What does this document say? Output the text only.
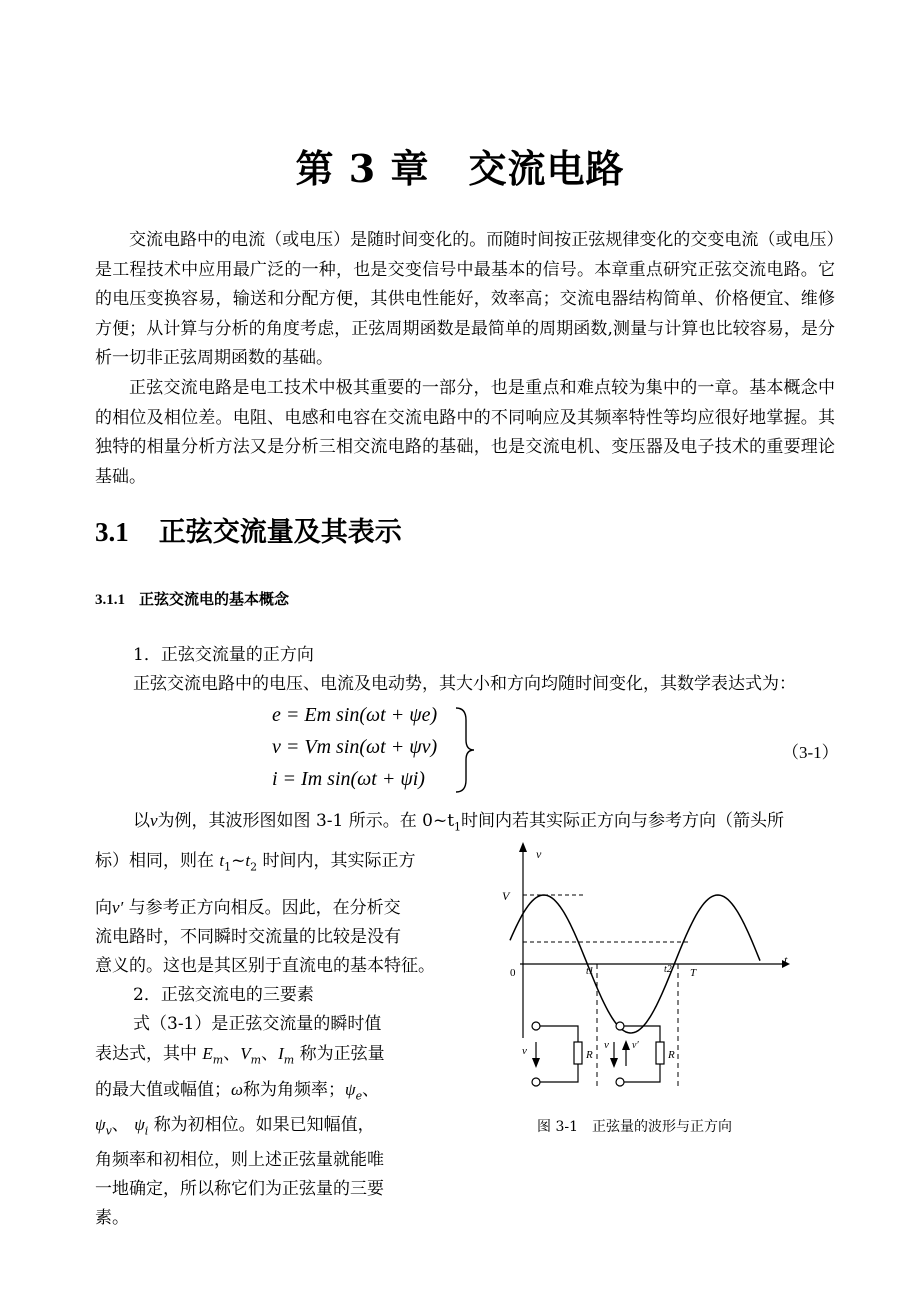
第 3 章　交流电路

交流电路中的电流（或电压）是随时间变化的。而随时间按正弦规律变化的交变电流（或电压）是工程技术中应用最广泛的一种，也是交变信号中最基本的信号。本章重点研究正弦交流电路。它的电压变换容易，输送和分配方便，其供电性能好，效率高；交流电器结构简单、价格便宜、维修方便；从计算与分析的角度考虑，正弦周期函数是最简单的周期函数,测量与计算也比较容易，是分析一切非正弦周期函数的基础。

正弦交流电路是电工技术中极其重要的一部分，也是重点和难点较为集中的一章。基本概念中的相位及相位差。电阻、电感和电容在交流电路中的不同响应及其频率特性等均应很好地掌握。其独特的相量分析方法又是分析三相交流电路的基础，也是交流电机、变压器及电子技术的重要理论基础。

3.1 正弦交流量及其表示
3.1.1 正弦交流电的基本概念
1．正弦交流量的正方向
正弦交流电路中的电压、电流及电动势，其大小和方向均随时间变化，其数学表达式为：
e = Em sin(ωt + ψe)
v = Vm sin(ωt + ψv)
i = Im sin(ωt + ψi)
（3-1）
以v为例，其波形图如图 3-1 所示。在 $0\sim t_1$时间内若其实际正方向与参考方向（箭头所
标）相同，则在 $t_1\sim t_2$ 时间内，其实际正方
向v′ 与参考正方向相反。因此，在分析交
流电路时，不同瞬时交流量的比较是没有
意义的。这也是其区别于直流电的基本特征。
2．正弦交流电的三要素
式（3-1）是正弦交流量的瞬时值
表达式，其中 $E_m$、$V_m$、$I_m$ 称为正弦量
的最大值或幅值；ω称为角频率；$\psi_e$、
$\psi_v$、 $\psi_i$ 称为初相位。如果已知幅值，
角频率和初相位，则上述正弦量就能唯
一地确定，所以称它们为正弦量的三要
素。
v
t
V
0	t1	t2 T
R
v	R
v v′
图 3-1　正弦量的波形与正方向
